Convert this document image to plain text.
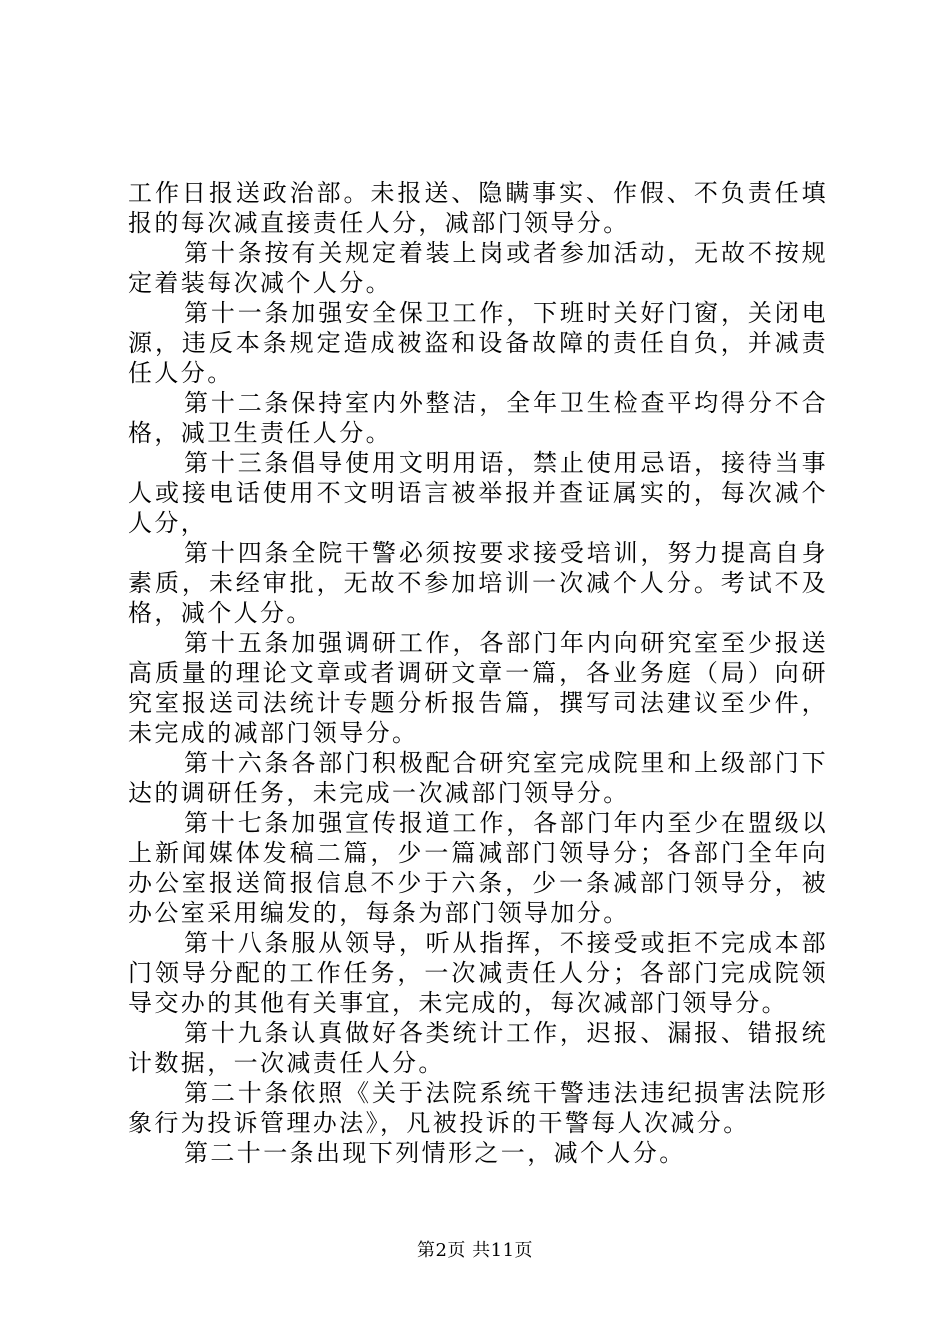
工作日报送政治部。未报送、隐瞒事实、作假、不负责任填报的每次减直接责任人分，减部门领导分。

第十条按有关规定着装上岗或者参加活动，无故不按规定着装每次减个人分。

第十一条加强安全保卫工作，下班时关好门窗，关闭电源，违反本条规定造成被盗和设备故障的责任自负，并减责任人分。

第十二条保持室内外整洁，全年卫生检查平均得分不合格，减卫生责任人分。

第十三条倡导使用文明用语，禁止使用忌语，接待当事人或接电话使用不文明语言被举报并查证属实的，每次减个人分，

第十四条全院干警必须按要求接受培训，努力提高自身素质，未经审批，无故不参加培训一次减个人分。考试不及格，减个人分。

第十五条加强调研工作，各部门年内向研究室至少报送高质量的理论文章或者调研文章一篇，各业务庭（局）向研究室报送司法统计专题分析报告篇，撰写司法建议至少件，未完成的减部门领导分。

第十六条各部门积极配合研究室完成院里和上级部门下达的调研任务，未完成一次减部门领导分。

第十七条加强宣传报道工作，各部门年内至少在盟级以上新闻媒体发稿二篇，少一篇减部门领导分；各部门全年向办公室报送简报信息不少于六条，少一条减部门领导分，被办公室采用编发的，每条为部门领导加分。

第十八条服从领导，听从指挥，不接受或拒不完成本部门领导分配的工作任务，一次减责任人分；各部门完成院领导交办的其他有关事宜，未完成的，每次减部门领导分。

第十九条认真做好各类统计工作，迟报、漏报、错报统计数据，一次减责任人分。

第二十条依照《关于法院系统干警违法违纪损害法院形象行为投诉管理办法》，凡被投诉的干警每人次减分。

第二十一条出现下列情形之一，减个人分。

第2页 共11页
